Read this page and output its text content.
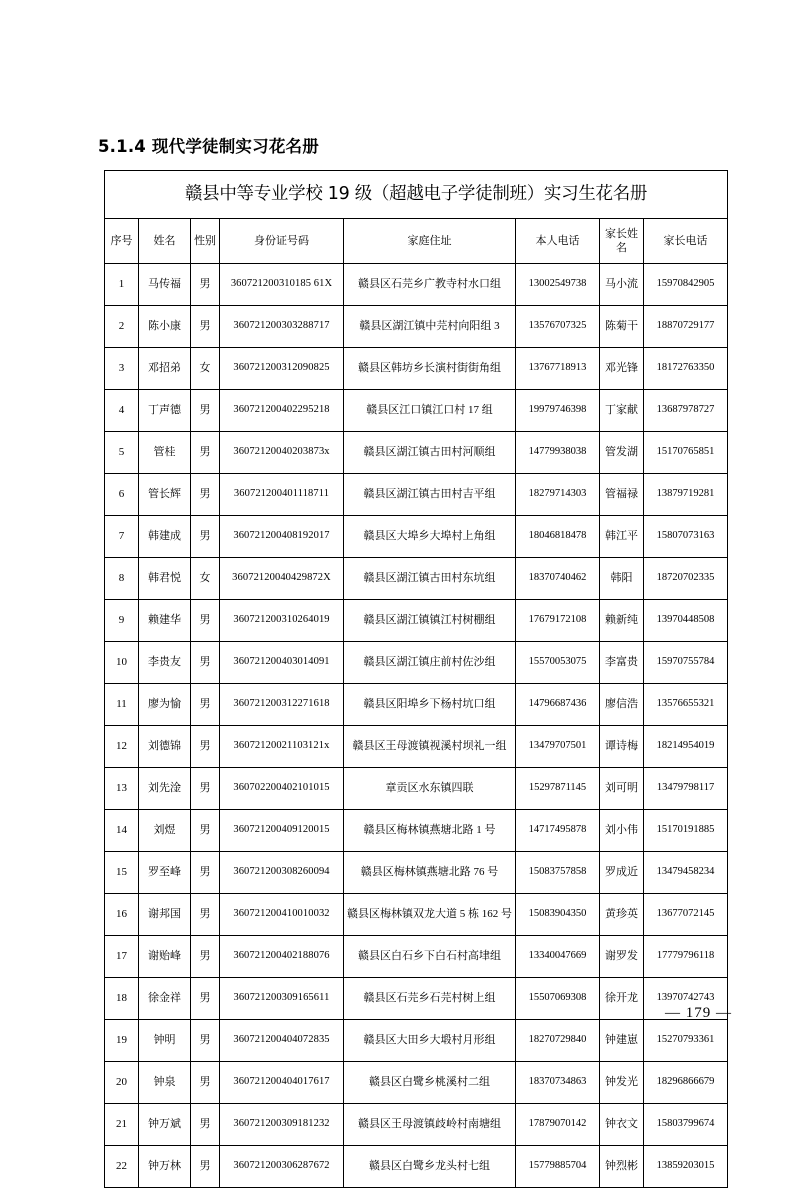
5.1.4 现代学徒制实习花名册
赣县中等专业学校 19 级（超越电子学徒制班）实习生花名册							
序号	姓名	性别	身份证号码	家庭住址	本人电话	家长姓名	家长电话
1	马传福	男	360721200310185 61X	赣县区石芫乡广教寺村水口组	13002549738	马小流	15970842905
2	陈小康	男	360721200303288717	赣县区湖江镇中芫村向阳组 3	13576707325	陈菊干	18870729177
3	邓招弟	女	360721200312090825	赣县区韩坊乡长演村街街角组	13767718913	邓光锋	18172763350
4	丁声德	男	360721200402295218	赣县区江口镇江口村 17 组	19979746398	丁家献	13687978727
5	管桂	男	36072120040203873x	赣县区湖江镇古田村河顺组	14779938038	管发湖	15170765851
6	管长辉	男	360721200401118711	赣县区湖江镇古田村吉平组	18279714303	管福禄	13879719281
7	韩建成	男	360721200408192017	赣县区大埠乡大埠村上角组	18046818478	韩江平	15807073163
8	韩君悦	女	36072120040429872X	赣县区湖江镇古田村东坑组	18370740462	韩阳	18720702335
9	赖建华	男	360721200310264019	赣县区湖江镇镇江村树棚组	17679172108	赖新纯	13970448508
10	李贵友	男	360721200403014091	赣县区湖江镇庄前村佐沙组	15570053075	李富贵	15970755784
11	廖为愉	男	360721200312271618	赣县区阳埠乡下杨村坑口组	14796687436	廖信浩	13576655321
12	刘德锦	男	36072120021103121x	赣县区王母渡镇视溪村坝礼一组	13479707501	谭诗梅	18214954019
13	刘先淦	男	360702200402101015	章贡区水东镇四联	15297871145	刘可明	13479798117
14	刘煜	男	360721200409120015	赣县区梅林镇燕塘北路 1 号	14717495878	刘小伟	15170191885
15	罗至峰	男	360721200308260094	赣县区梅林镇燕塘北路 76 号	15083757858	罗成近	13479458234
16	谢邦国	男	360721200410010032	赣县区梅林镇双龙大道 5 栋 162 号	15083904350	黄珍英	13677072145
17	谢贻峰	男	360721200402188076	赣县区白石乡下白石村高垏组	13340047669	谢罗发	17779796118
18	徐金祥	男	360721200309165611	赣县区石芫乡石芫村树上组	15507069308	徐开龙	13970742743
19	钟明	男	360721200404072835	赣县区大田乡大塅村月形组	18270729840	钟建崽	15270793361
20	钟泉	男	360721200404017617	赣县区白鹭乡桃溪村二组	18370734863	钟发光	18296866679
21	钟万斌	男	360721200309181232	赣县区王母渡镇歧岭村南塘组	17879070142	钟衣文	15803799674
22	钟万林	男	360721200306287672	赣县区白鹭乡龙头村七组	15779885704	钟烈彬	13859203015
— 179 —
